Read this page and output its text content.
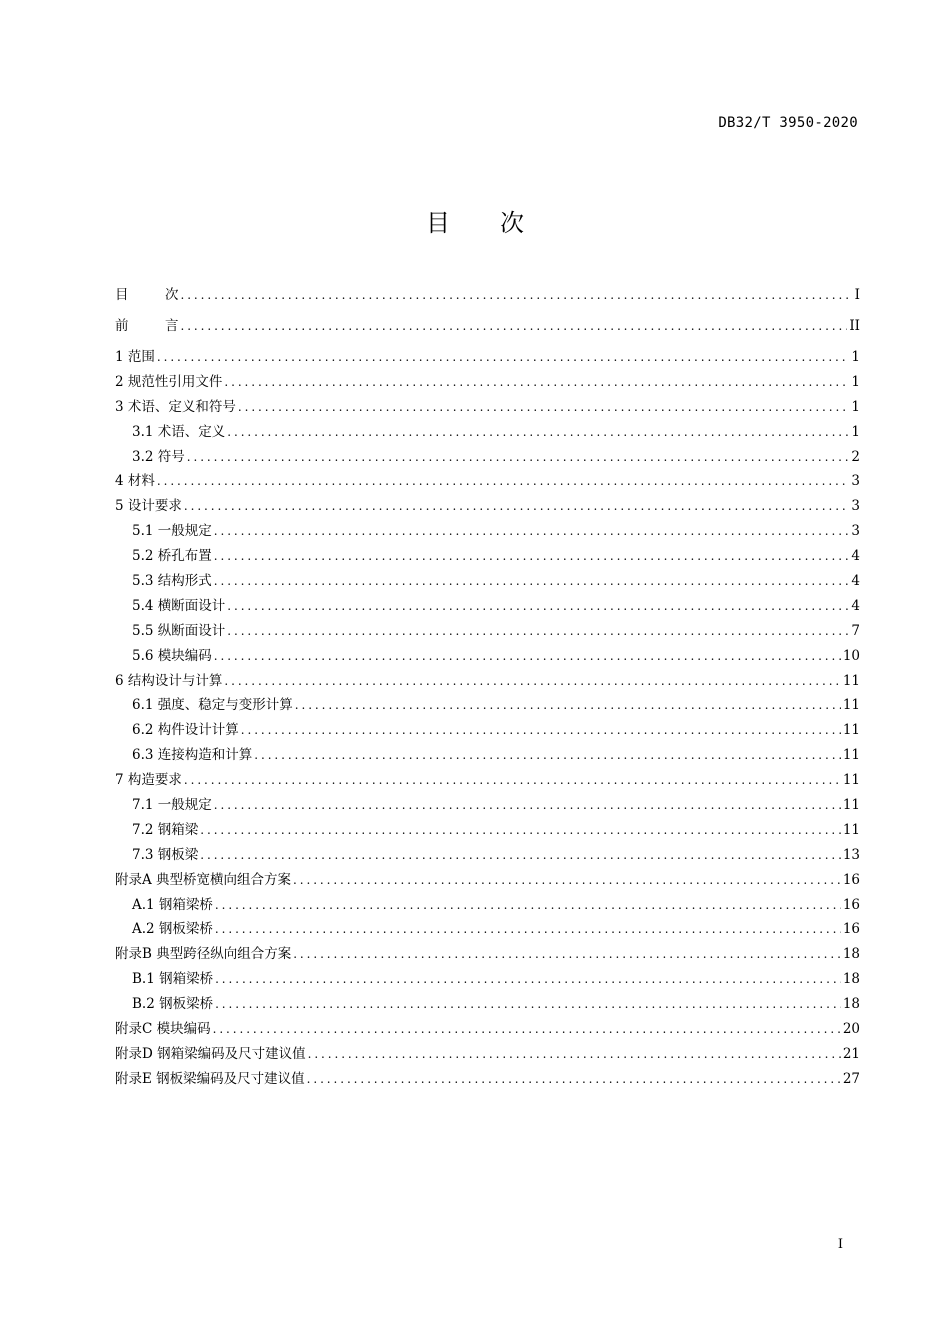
DB32/T 3950-2020
目 次
目	次 .....	I
前	言 .....	II
1 范围 .....	1
2 规范性引用文件 .....	1
3 术语、定义和符号 .....	1
3.1 术语、定义 .....	1
3.2 符号 .....	2
4 材料 .....	3
5 设计要求 .....	3
5.1 一般规定 .....	3
5.2 桥孔布置 .....	4
5.3 结构形式 .....	4
5.4 横断面设计 .....	4
5.5 纵断面设计 .....	7
5.6 模块编码 .....	10
6 结构设计与计算 .....	11
6.1 强度、稳定与变形计算 .....	11
6.2 构件设计计算 .....	11
6.3 连接构造和计算 .....	11
7 构造要求 .....	11
7.1 一般规定 .....	11
7.2 钢箱梁 .....	11
7.3 钢板梁 .....	13
附录A 典型桥宽横向组合方案 .....	16
A.1 钢箱梁桥 .....	16
A.2 钢板梁桥 .....	16
附录B 典型跨径纵向组合方案 .....	18
B.1 钢箱梁桥 .....	18
B.2 钢板梁桥 .....	18
附录C 模块编码 .....	20
附录D 钢箱梁编码及尺寸建议值 .....	21
附录E 钢板梁编码及尺寸建议值 .....	27
I
